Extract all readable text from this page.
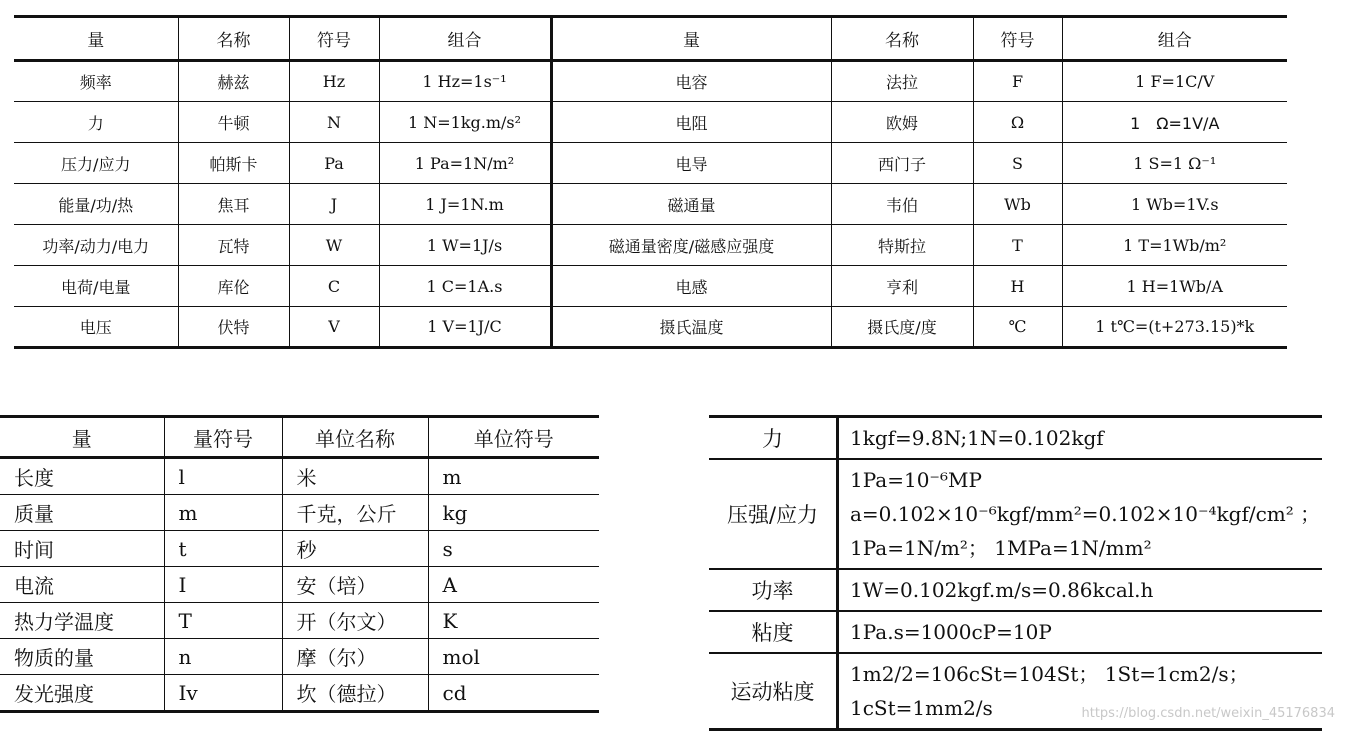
量	名称	符号	组合	量	名称	符号	组合
频率	赫兹	Hz	1 Hz=1s⁻¹	电容	法拉	F	1 F=1C/V
力	牛顿	N	1 N=1kg.m/s²	电阻	欧姆	Ω	1　Ω=1V/A
压力/应力	帕斯卡	Pa	1 Pa=1N/m²	电导	西门子	S	1 S=1 Ω⁻¹
能量/功/热	焦耳	J	1 J=1N.m	磁通量	韦伯	Wb	1 Wb=1V.s
功率/动力/电力	瓦特	W	1 W=1J/s	磁通量密度/磁感应强度	特斯拉	T	1 T=1Wb/m²
电荷/电量	库伦	C	1 C=1A.s	电感	亨利	H	1 H=1Wb/A
电压	伏特	V	1 V=1J/C	摄氏温度	摄氏度/度	℃	1 t℃=(t+273.15)*k
量	量符号	单位名称	单位符号
长度	l	米	m
质量	m	千克，公斤	kg
时间	t	秒	s
电流	I	安（培）	A
热力学温度	T	开（尔文）	K
物质的量	n	摩（尔）	mol
发光强度	Iv	坎（德拉）	cd
力	1kgf=9.8N;1N=0.102kgf

压强/应力	1Pa=10⁻⁶MP
a=0.102×10⁻⁶kgf/mm²=0.102×10⁻⁴kgf/cm² ；
1Pa=1N/m²； 1MPa=1N/mm²

功率	1W=0.102kgf.m/s=0.86kcal.h

粘度	1Pa.s=1000cP=10P

运动粘度	1m2/2=106cSt=104St； 1St=1cm2/s；
1cSt=1mm2/s	https://blog.csdn.net/weixin_45176834
